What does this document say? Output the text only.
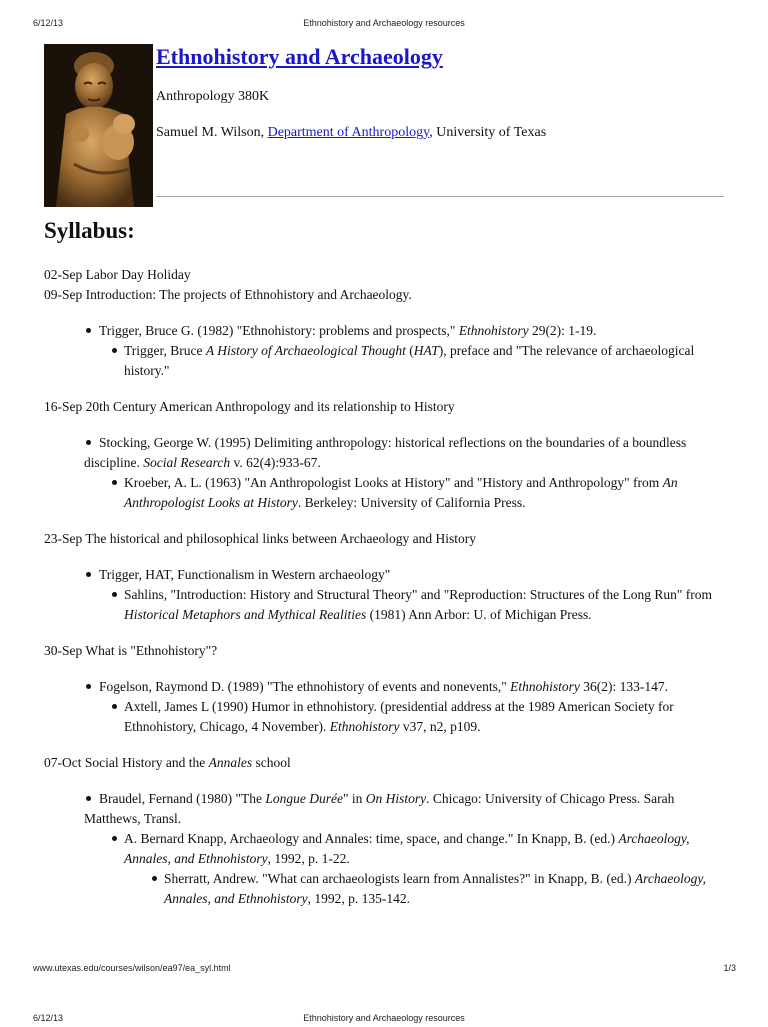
6/12/13	Ethnohistory and Archaeology resources
Ethnohistory and Archaeology
Anthropology 380K
Samuel M. Wilson, Department of Anthropology, University of Texas
Syllabus:

02-Sep Labor Day Holiday

09-Sep Introduction: The projects of Ethnohistory and Archaeology.

Trigger, Bruce G. (1982) "Ethnohistory: problems and prospects," Ethnohistory 29(2): 1-19.
Trigger, Bruce A History of Archaeological Thought (HAT), preface and "The relevance of archaeological history."

16-Sep 20th Century American Anthropology and its relationship to History

Stocking, George W. (1995) Delimiting anthropology: historical reflections on the boundaries of a boundless discipline. Social Research v. 62(4):933-67.
Kroeber, A. L. (1963) "An Anthropologist Looks at History" and "History and Anthropology" from An Anthropologist Looks at History. Berkeley: University of California Press.

23-Sep The historical and philosophical links between Archaeology and History

Trigger, HAT, Functionalism in Western archaeology"
Sahlins, "Introduction: History and Structural Theory" and "Reproduction: Structures of the Long Run" from Historical Metaphors and Mythical Realities (1981) Ann Arbor: U. of Michigan Press.

30-Sep What is "Ethnohistory"?

Fogelson, Raymond D. (1989) "The ethnohistory of events and nonevents," Ethnohistory 36(2): 133-147.
Axtell, James L (1990) Humor in ethnohistory. (presidential address at the 1989 American Society for Ethnohistory, Chicago, 4 November). Ethnohistory v37, n2, p109.

07-Oct Social History and the Annales school

Braudel, Fernand (1980) "The Longue Durée" in On History. Chicago: University of Chicago Press. Sarah Matthews, Transl.
A. Bernard Knapp, Archaeology and Annales: time, space, and change." In Knapp, B. (ed.) Archaeology, Annales, and Ethnohistory, 1992, p. 1-22.
Sherratt, Andrew. "What can archaeologists learn from Annalistes?" in Knapp, B. (ed.) Archaeology, Annales, and Ethnohistory, 1992, p. 135-142.
www.utexas.edu/courses/wilson/ea97/ea_syl.html	1/3
6/12/13	Ethnohistory and Archaeology resources
